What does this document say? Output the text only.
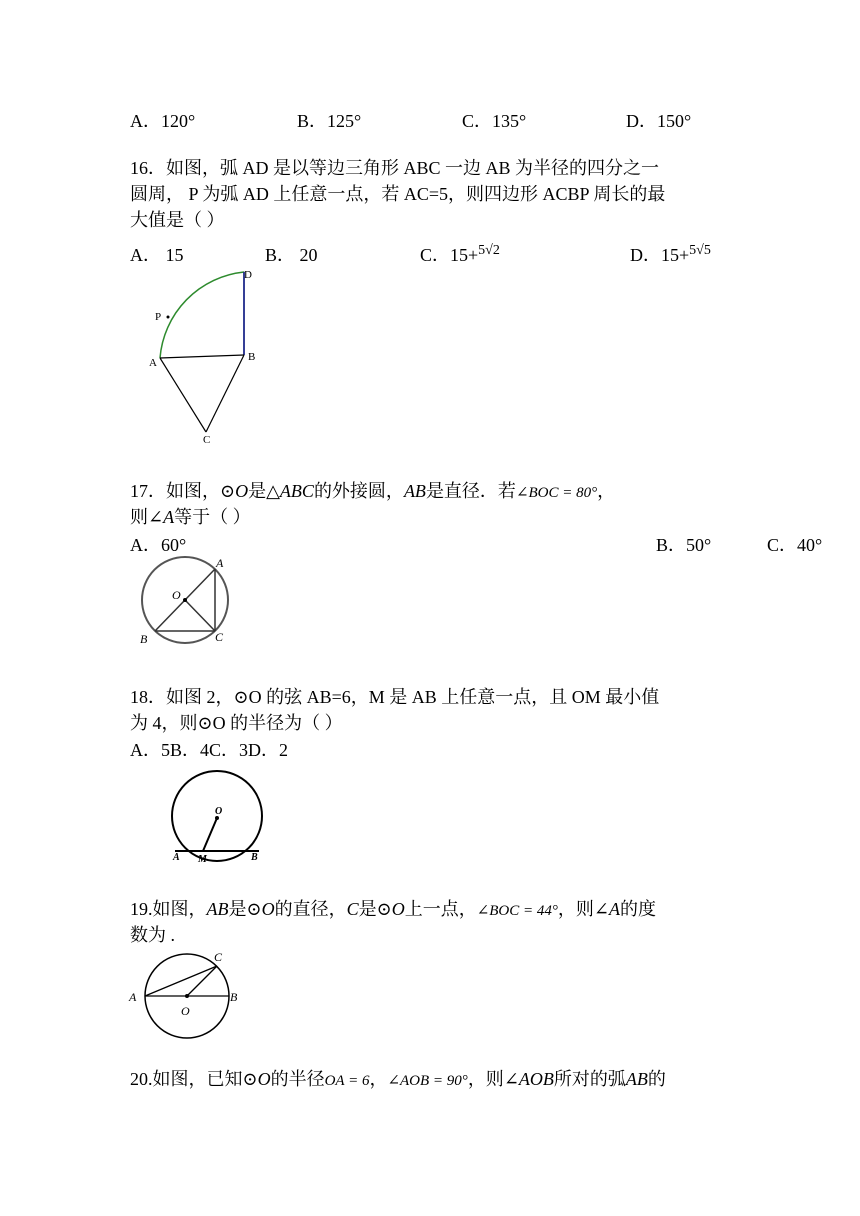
A．120°	B．125°	C．135°	D．150°
16．如图，弧 AD 是以等边三角形 ABC 一边 AB 为半径的四分之一
圆周， P 为弧 AD 上任意一点，若 AC=5，则四边形 ACBP 周长的最
大值是（ ）
A． 15	B． 20	C．15+$^{5√2}$	D．15+$^{5√5}$
D
P
A	B
C
17．如图，⊙O是△ABC的外接圆，AB是直径．若∠BOC = 80°，
则∠A等于（ ）
A．60°	B．50°	C．40°
A
O
B	C
18．如图 2，⊙O 的弦 AB=6，M 是 AB 上任意一点，且 OM 最小值
为 4，则⊙O 的半径为（ ）
A．5B．4C．3D．2
O
A M	B
19.如图，AB是⊙O的直径，C是⊙O上一点，∠BOC = 44°，则∠A的度
数为 .
C
A	B
O
20.如图，已知⊙O的半径OA = 6，∠AOB = 90°，则∠AOB所对的弧AB的
